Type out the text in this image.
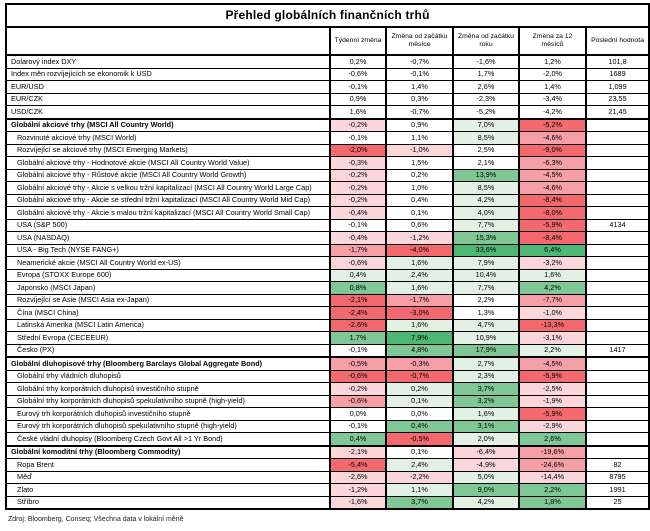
Přehled globálních finančních trhů					
	Týdenní změna	Změna od začátku měsíce	Změna od začátku roku	Změna za 12 měsíců	Poslední hodnota
Dolarový index DXY	0,2%	-0,7%	-1,6%	1,2%	101,8
Index měn rozvíjejících se ekonomik k USD	-0,6%	-0,1%	1,7%	-2,0%	1689
EUR/USD	-0,1%	1,4%	2,6%	1,4%	1,099
EUR/CZK	0,9%	0,3%	-2,3%	-3,4%	23,55
USD/CZK	1,6%	-0,7%	-5,2%	-4,2%	21,45
Globální akciové trhy (MSCI All Country World)	-0,2%	0,9%	7,0%	-5,2%	
Rozvinuté akciové trhy (MSCI World)	-0,1%	1,1%	8,5%	-4,6%	
Rozvíjející se akciové trhy (MSCI Emerging Markets)	-2,0%	-1,0%	2,5%	-9,0%	
Globální akciové trhy - Hodnotové akcie (MSCI All Country World Value)	-0,3%	1,5%	2,1%	-6,3%	
Globální akciové trhy - Růstové akcie (MSCI All Country World Growth)	-0,2%	0,2%	13,9%	-4,5%	
Globální akciové trhy - Akcie s velkou tržní kapitalizací (MSCI All Country World Large Cap)	-0,2%	1,0%	8,5%	-4,6%	
Globální akciové trhy - Akcie se střední tržní kapitalizací (MSCI All Country World Mid Cap)	-0,2%	0,4%	4,2%	-8,4%	
Globální akciové trhy - Akcie s malou tržní kapitalizací (MSCI All Country World Small Cap)	-0,4%	0,1%	4,0%	-8,0%	
USA (S&P 500)	-0,1%	0,6%	7,7%	-5,9%	4134
USA (NASDAQ)	-0,4%	-1,2%	15,3%	-8,4%	
USA - Big Tech (NYSE FANG+)	-1,7%	-4,0%	33,6%	6,4%	
Neamerické akcie (MSCI All Country World ex-US)	-0,6%	1,6%	7,9%	-3,2%	
Evropa (STOXX Europe 600)	0,4%	2,4%	10,4%	1,6%	
Japonsko (MSCI Japan)	0,8%	1,6%	7,7%	4,2%	
Rozvíjející se Asie (MSCI Asia ex-Japan)	-2,1%	-1,7%	2,2%	-7,7%	
Čína (MSCI China)	-2,4%	-3,0%	1,3%	-1,0%	
Latinská Amerika (MSCI Latin America)	-2,6%	1,6%	4,7%	-13,3%	
Střední Evropa (CECEEUR)	1,7%	7,9%	10,9%	-3,1%	
Česko (PX)	-0,1%	4,8%	17,9%	2,2%	1417
Globální dluhopisové trhy (Bloomberg Barclays Global Aggregate Bond)	-0,5%	-0,3%	2,7%	-4,5%	
Globální trhy vládních dluhopisů	-0,6%	-0,7%	2,3%	-5,9%	
Globální trhy korporátních dluhopisů investičního stupně	-0,2%	0,2%	3,7%	-2,5%	
Globální trhy korporátních dluhopisů spekulativního stupně (high-yield)	-0,6%	0,1%	3,2%	-1,9%	
Eurový trh korporátních dluhopisů investičního stupně	0,0%	0,0%	1,6%	-5,9%	
Eurový trh korporátních dluhopisů spekulativního stupně (high-yield)	-0,1%	0,4%	3,1%	-2,9%	
České vládní dluhopisy (Bloomberg Czech Govt All >1 Yr Bond)	0,4%	-0,5%	2,0%	2,6%	
Globální komoditní trhy (Bloomberg Commodity)	-2,1%	0,1%	-6,4%	-19,6%	
Ropa Brent	-5,4%	2,4%	-4,9%	-24,6%	82
Měď	-2,6%	-2,2%	5,0%	-14,4%	8795
Zlato	-1,2%	1,1%	9,0%	2,2%	1991
Stříbro	-1,6%	3,7%	4,2%	1,8%	25
Zdroj: Bloomberg, Conseq; Všechna data v lokální měně
